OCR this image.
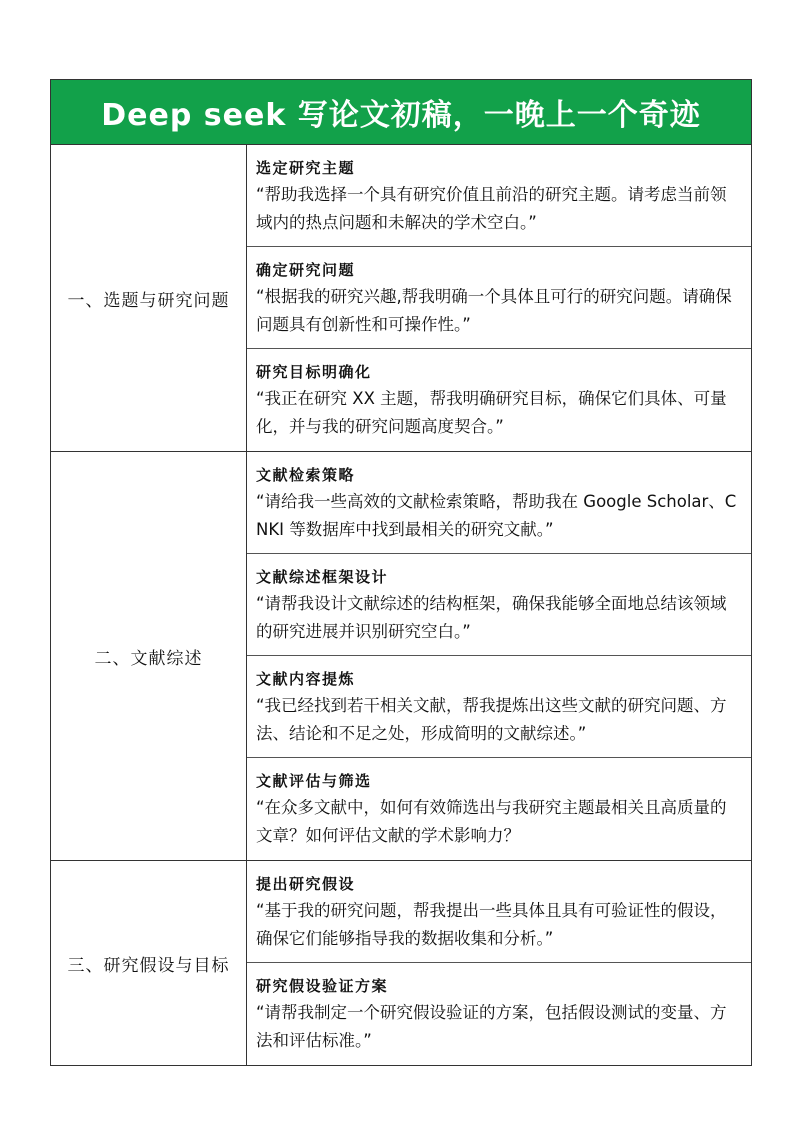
Deep seek 写论文初稿，一晚上一个奇迹
一、选题与研究问题
选定研究主题
“帮助我选择一个具有研究价值且前沿的研究主题。请考虑当前领域内的热点问题和未解决的学术空白。”
确定研究问题
“根据我的研究兴趣,帮我明确一个具体且可行的研究问题。请确保问题具有创新性和可操作性。”
研究目标明确化
“我正在研究 XX 主题，帮我明确研究目标，确保它们具体、可量化，并与我的研究问题高度契合。”
二、文献综述
文献检索策略
“请给我一些高效的文献检索策略，帮助我在 Google Scholar、CNKI 等数据库中找到最相关的研究文献。”
文献综述框架设计
“请帮我设计文献综述的结构框架，确保我能够全面地总结该领域的研究进展并识别研究空白。”
文献内容提炼
“我已经找到若干相关文献，帮我提炼出这些文献的研究问题、方法、结论和不足之处，形成简明的文献综述。”
文献评估与筛选
“在众多文献中，如何有效筛选出与我研究主题最相关且高质量的文章？如何评估文献的学术影响力？
三、研究假设与目标
提出研究假设
“基于我的研究问题，帮我提出一些具体且具有可验证性的假设，确保它们能够指导我的数据收集和分析。”
研究假设验证方案
“请帮我制定一个研究假设验证的方案，包括假设测试的变量、方法和评估标准。”
